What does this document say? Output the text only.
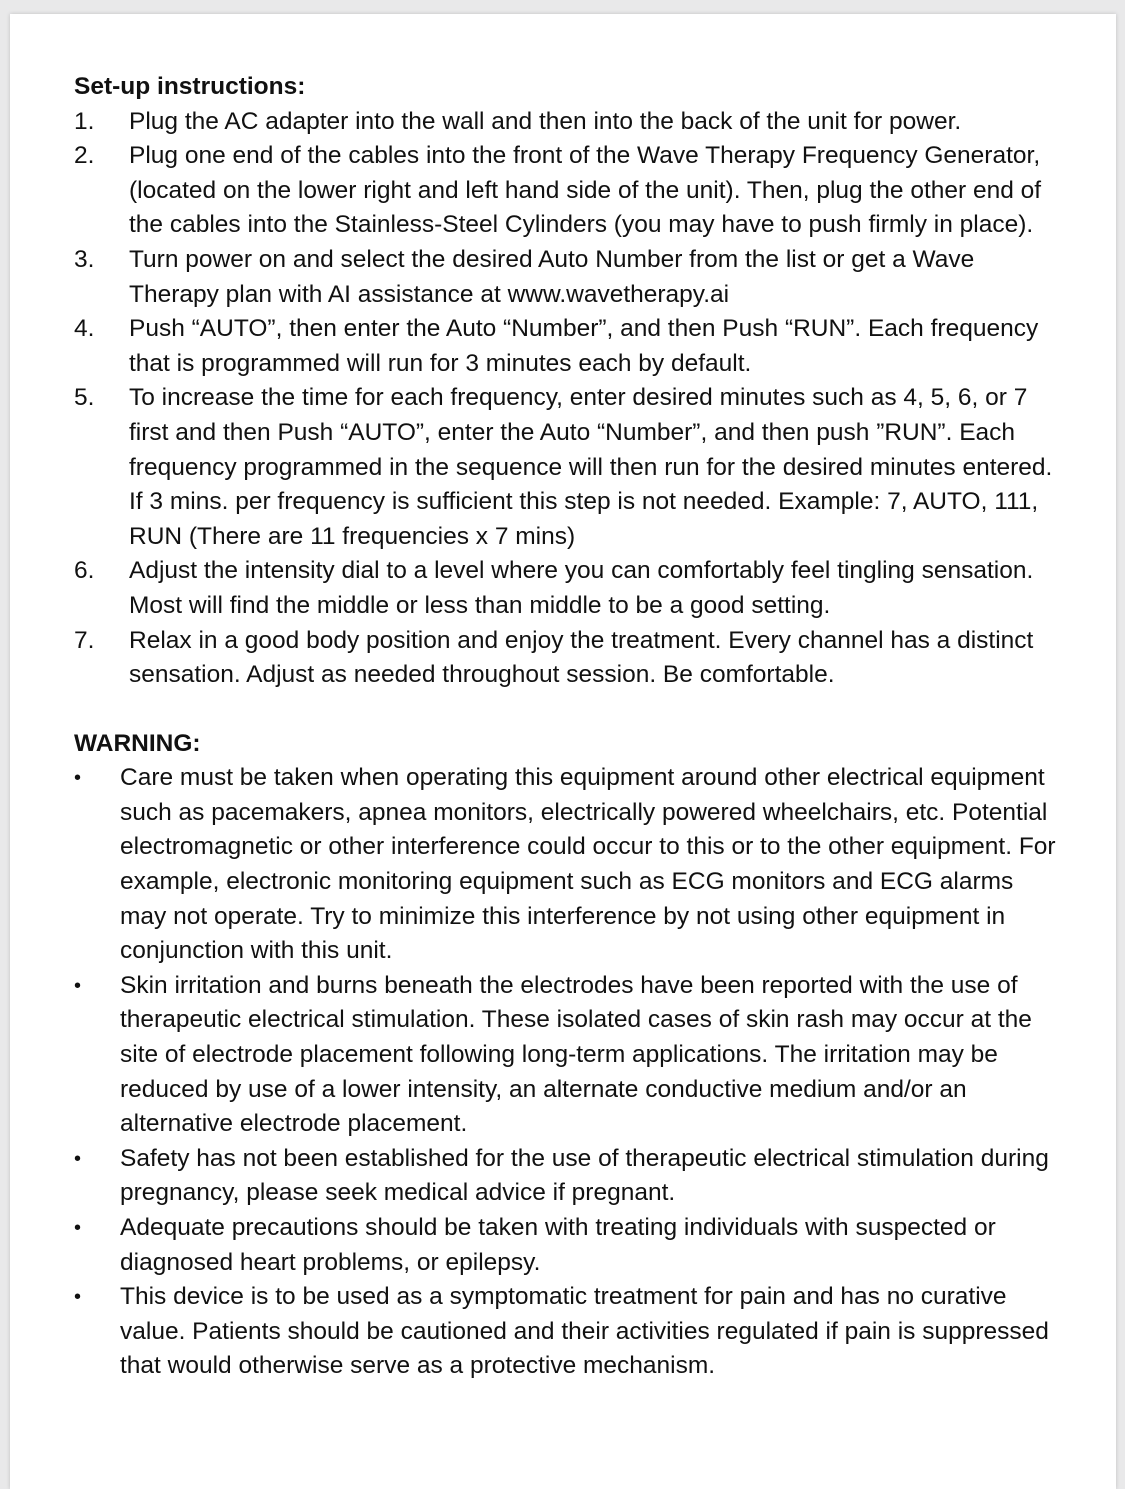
Set-up instructions:

1.	Plug the AC adapter into the wall and then into the back of the unit for power.
2.	Plug one end of the cables into the front of the Wave Therapy Frequency Generator, (located on the lower right and left hand side of the unit). Then, plug the other end of the cables into the Stainless-Steel Cylinders (you may have to push firmly in place).
3.	Turn power on and select the desired Auto Number from the list or get a Wave Therapy plan with AI assistance at www.wavetherapy.ai
4.	Push “AUTO”, then enter the Auto “Number”, and then Push “RUN”. Each frequency that is programmed will run for 3 minutes each by default.
5.	To increase the time for each frequency, enter desired minutes such as 4, 5, 6, or 7 first and then Push “AUTO”, enter the Auto “Number”, and then push ”RUN”. Each frequency programmed in the sequence will then run for the desired minutes entered. If 3 mins. per frequency is sufficient this step is not needed. Example: 7, AUTO, 111, RUN (There are 11 frequencies x 7 mins)
6.	Adjust the intensity dial to a level where you can comfortably feel tingling sensation. Most will find the middle or less than middle to be a good setting.
7.	Relax in a good body position and enjoy the treatment. Every channel has a distinct sensation. Adjust as needed throughout session. Be comfortable.

WARNING:

•	Care must be taken when operating this equipment around other electrical equipment such as pacemakers, apnea monitors, electrically powered wheelchairs, etc. Potential electromagnetic or other interference could occur to this or to the other equipment. For example, electronic monitoring equipment such as ECG monitors and ECG alarms may not operate. Try to minimize this interference by not using other equipment in conjunction with this unit.
•	Skin irritation and burns beneath the electrodes have been reported with the use of therapeutic electrical stimulation. These isolated cases of skin rash may occur at the site of electrode placement following long-term applications. The irritation may be reduced by use of a lower intensity, an alternate conductive medium and/or an alternative electrode placement.
•	Safety has not been established for the use of therapeutic electrical stimulation during pregnancy, please seek medical advice if pregnant.
•	Adequate precautions should be taken with treating individuals with suspected or diagnosed heart problems, or epilepsy.
•	This device is to be used as a symptomatic treatment for pain and has no curative value. Patients should be cautioned and their activities regulated if pain is suppressed that would otherwise serve as a protective mechanism.
